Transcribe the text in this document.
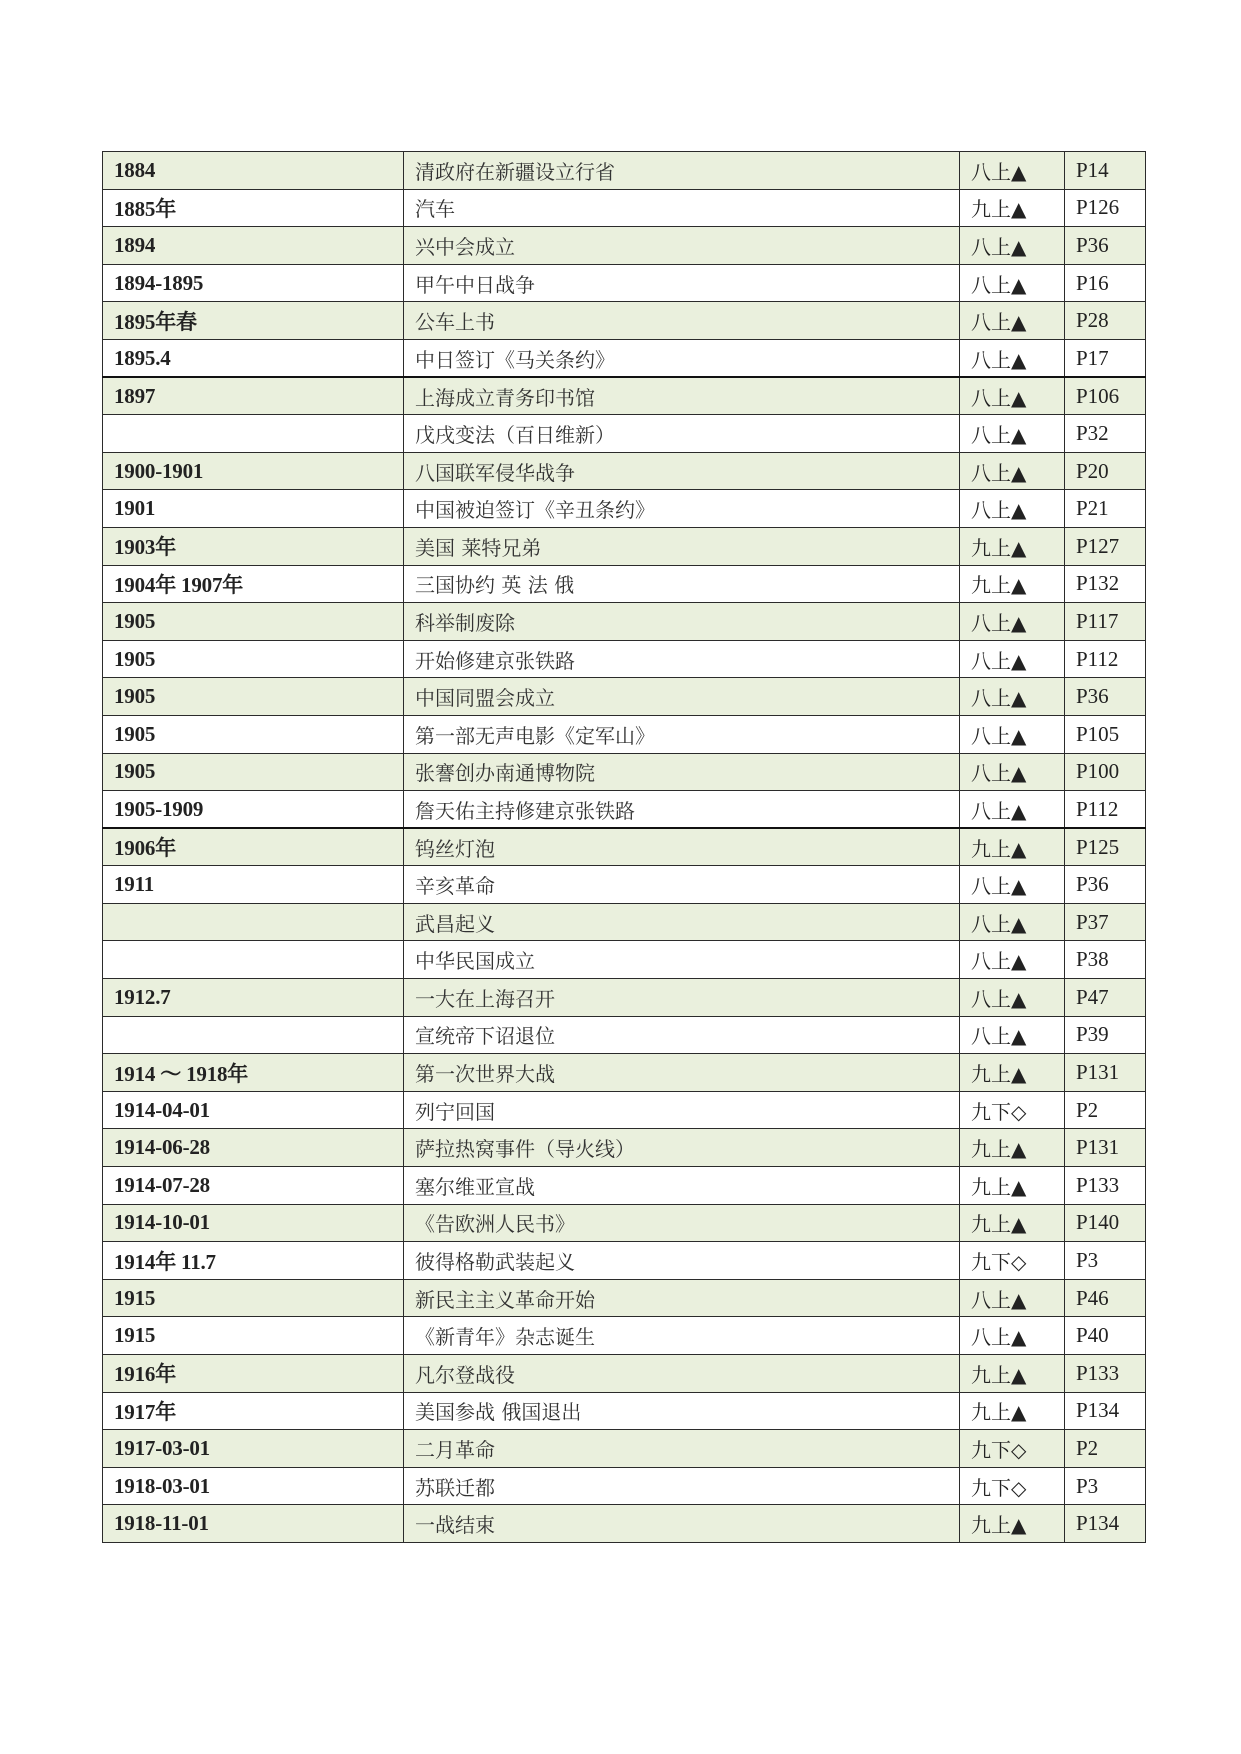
1884	清政府在新疆设立行省	八上▲	P14
1885年	汽车	九上▲	P126
1894	兴中会成立	八上▲	P36
1894-1895	甲午中日战争	八上▲	P16
1895年春	公车上书	八上▲	P28
1895.4	中日签订《马关条约》	八上▲	P17
1897	上海成立青务印书馆	八上▲	P106
	戊戌变法（百日维新）	八上▲	P32
1900-1901	八国联军侵华战争	八上▲	P20
1901	中国被迫签订《辛丑条约》	八上▲	P21
1903年	美国 莱特兄弟	九上▲	P127
1904年 1907年	三国协约 英 法 俄	九上▲	P132
1905	科举制废除	八上▲	P117
1905	开始修建京张铁路	八上▲	P112
1905	中国同盟会成立	八上▲	P36
1905	第一部无声电影《定军山》	八上▲	P105
1905	张謇创办南通博物院	八上▲	P100
1905-1909	詹天佑主持修建京张铁路	八上▲	P112
1906年	钨丝灯泡	九上▲	P125
1911	辛亥革命	八上▲	P36
	武昌起义	八上▲	P37
	中华民国成立	八上▲	P38
1912.7	一大在上海召开	八上▲	P47
	宣统帝下诏退位	八上▲	P39
1914 ～ 1918年	第一次世界大战	九上▲	P131
1914-04-01	列宁回国	九下◇	P2
1914-06-28	萨拉热窝事件（导火线）	九上▲	P131
1914-07-28	塞尔维亚宣战	九上▲	P133
1914-10-01	《告欧洲人民书》	九上▲	P140
1914年 11.7	彼得格勒武装起义	九下◇	P3
1915	新民主主义革命开始	八上▲	P46
1915	《新青年》杂志诞生	八上▲	P40
1916年	凡尔登战役	九上▲	P133
1917年	美国参战 俄国退出	九上▲	P134
1917-03-01	二月革命	九下◇	P2
1918-03-01	苏联迁都	九下◇	P3
1918-11-01	一战结束	九上▲	P134
